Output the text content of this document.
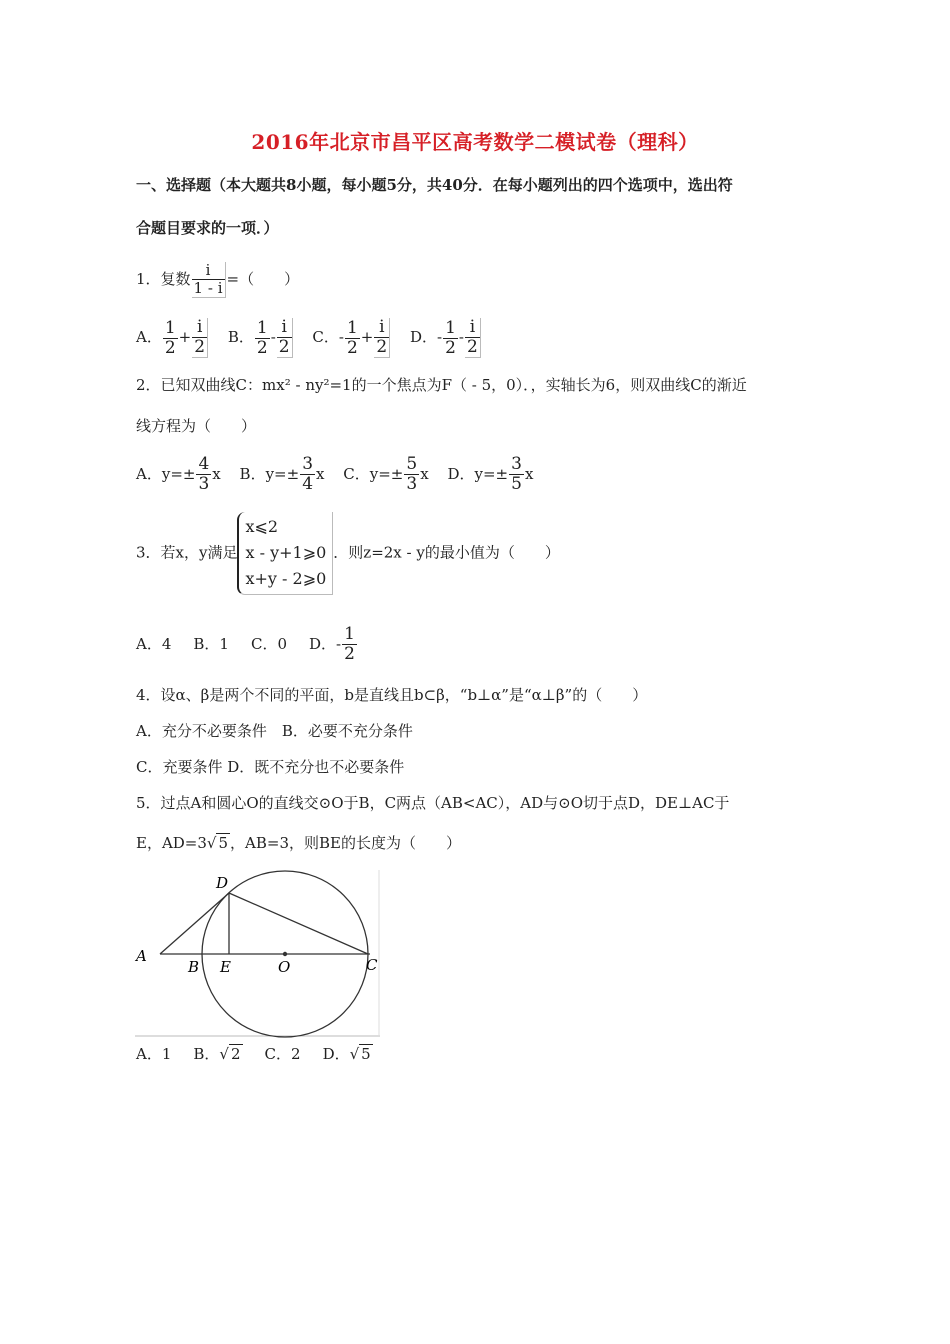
2016年北京市昌平区高考数学二模试卷（理科）
一、选择题（本大题共8小题，每小题5分，共40分．在每小题列出的四个选项中，选出符
合题目要求的一项．）
1．复数 $\frac{i}{1 - i}$ =（　　）
A． $\frac{1}{2} + \frac{i}{2}$ B． $\frac{1}{2} - \frac{i}{2}$ C．- $\frac{1}{2} + \frac{i}{2}$ D．- $\frac{1}{2} - \frac{i}{2}$
2．已知双曲线C：mx² - ny²=1的一个焦点为F（ - 5，0）．，实轴长为6，则双曲线C的渐近
线方程为（　　）
A．$y=\pm \frac{4}{3}$ x B．$y=\pm \frac{3}{4}$ x C．$y=\pm \frac{5}{3}$ x D．$y=\pm \frac{3}{5}$ x
3．若x，y满足
x⩽2
x - y+1⩾0
x+y - 2⩾0
．则z=2x - y的最小值为（　　）
A．4 B．1 C．0 D．- $\frac{1}{2}$
4．设α、β是两个不同的平面，b是直线且b⊂β，“b⊥α”是“α⊥β”的（　　）
A．充分不必要条件　B．必要不充分条件
C．充要条件 D．既不充分也不必要条件
5．过点A和圆心O的直线交⊙O于B，C两点（AB<AC），AD与⊙O切于点D，DE⊥AC于
E，AD=3√ 5 ，AB=3，则BE的长度为（　　）
A
B E	O	C
D
A．1 B．√ 2 C．2 D．√ 5
